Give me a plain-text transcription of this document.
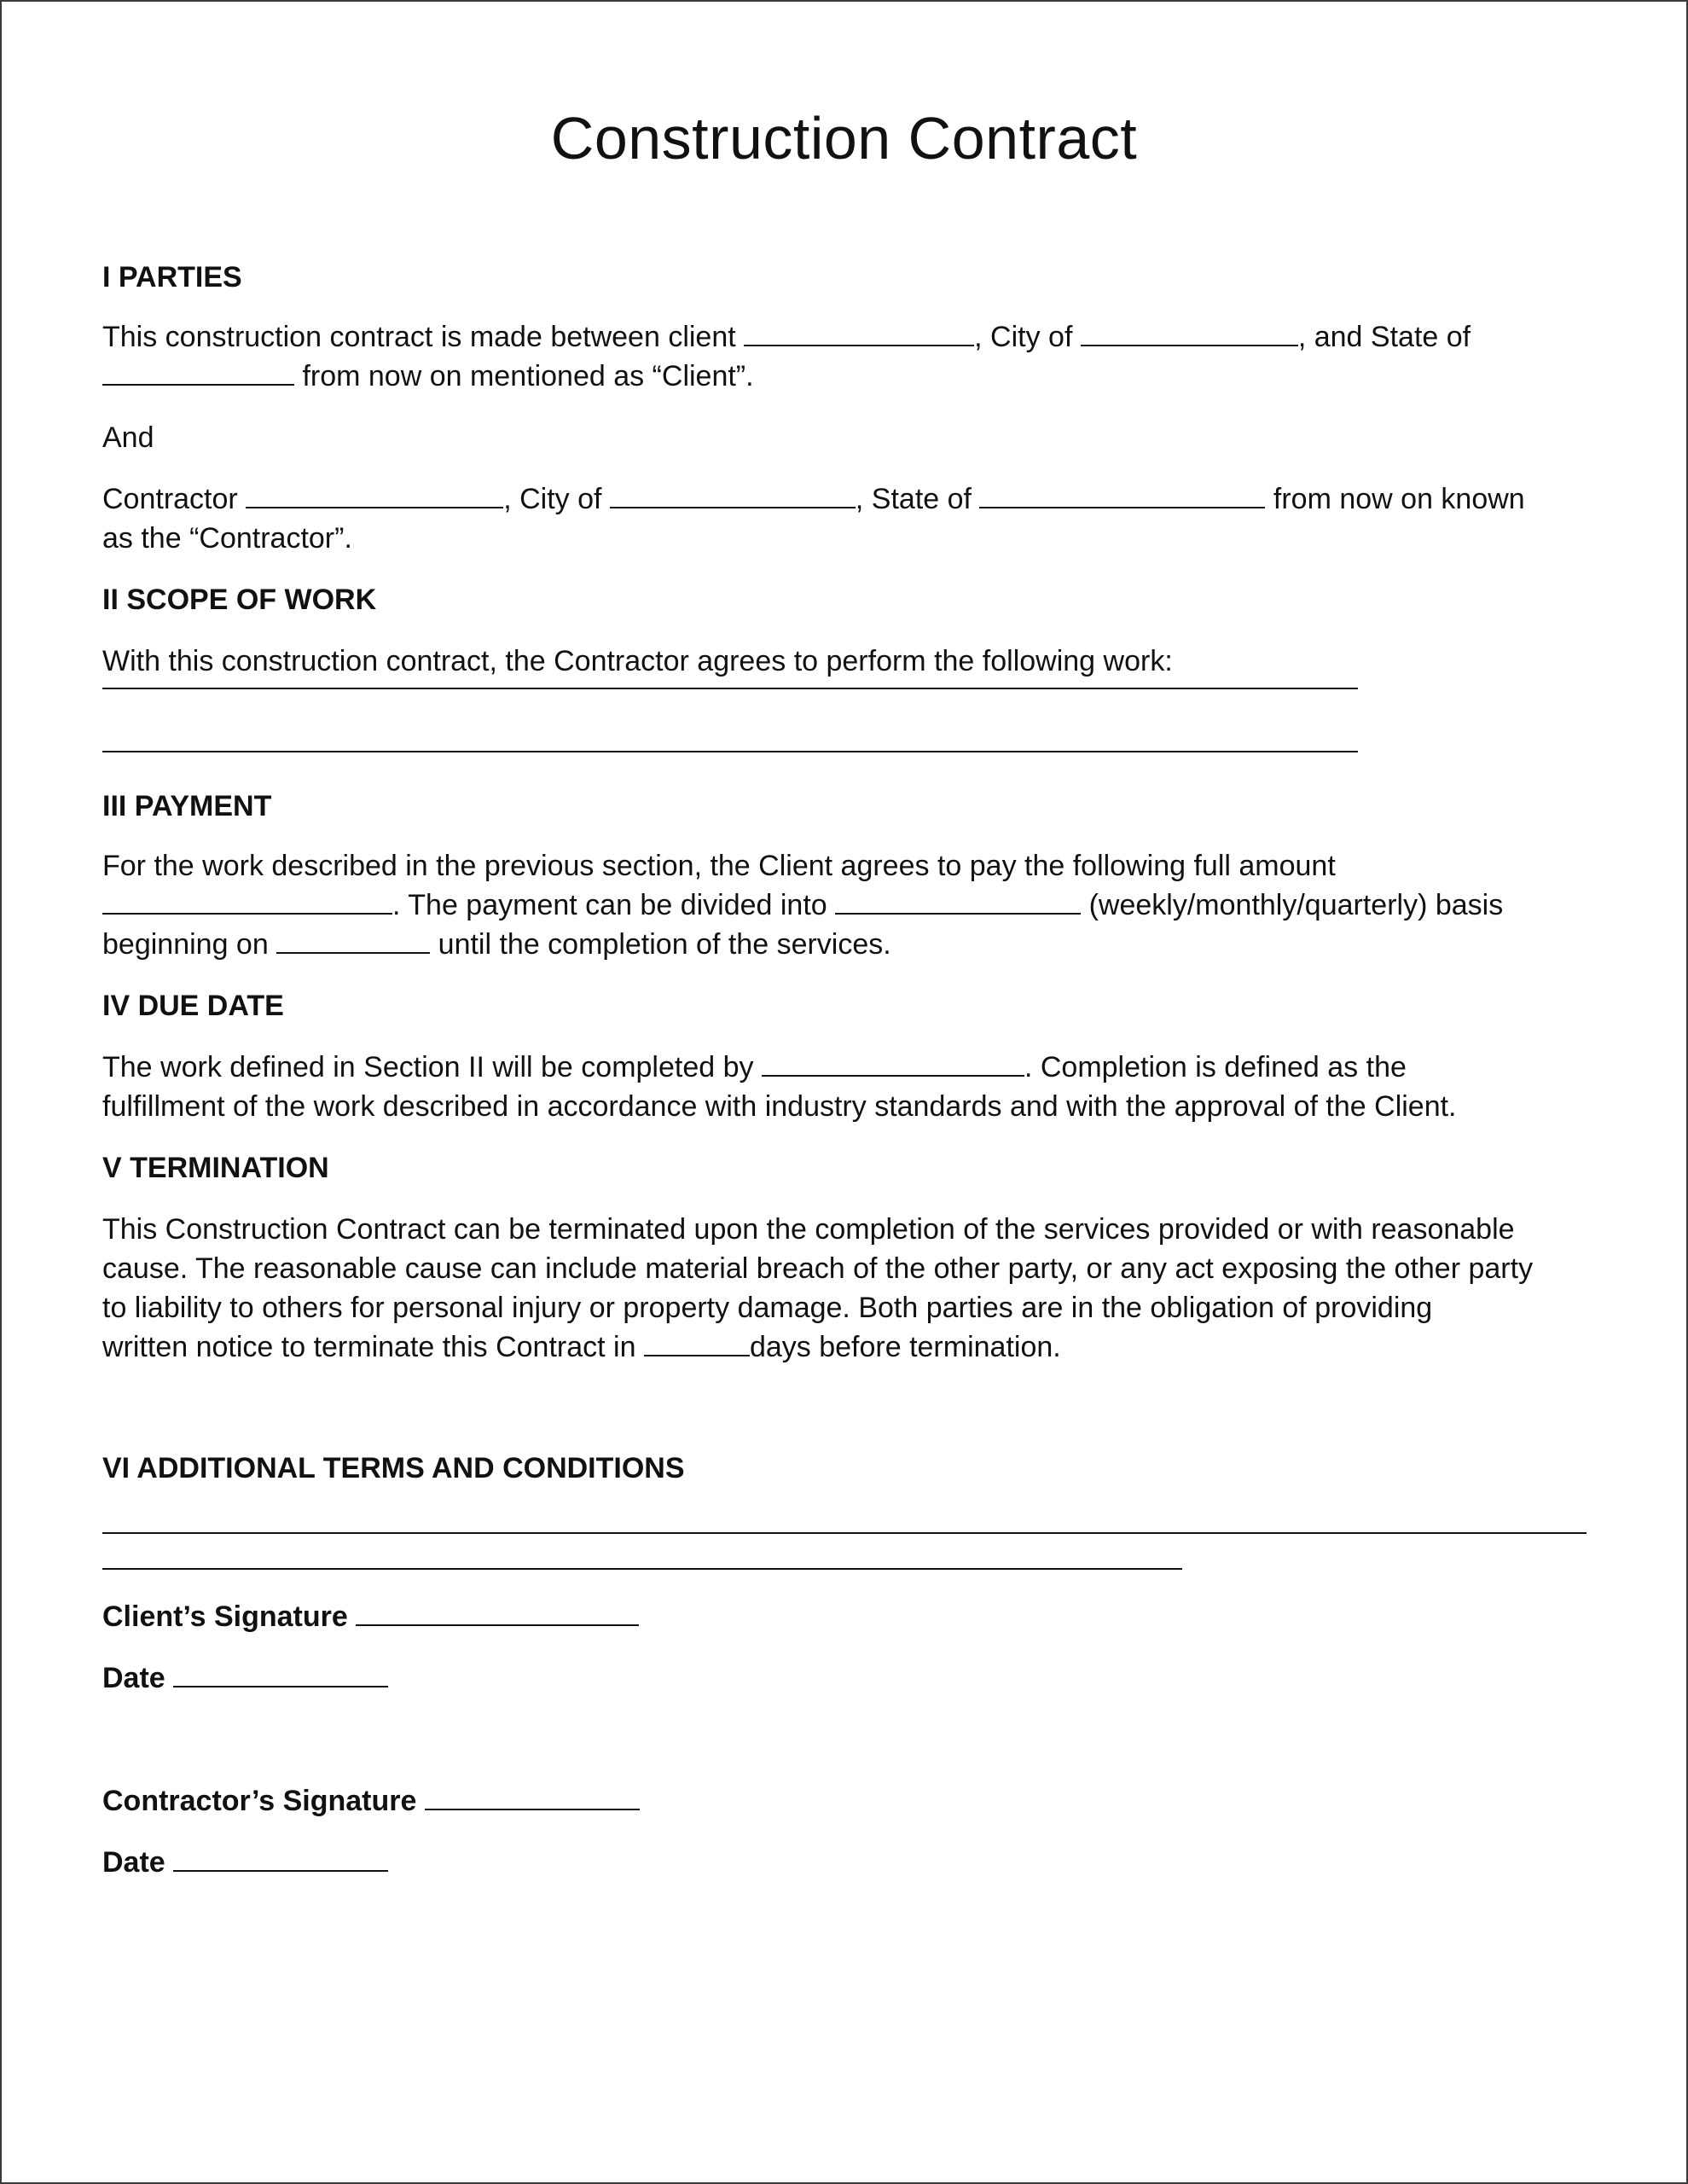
Construction Contract

I PARTIES

This construction contract is made between client	, City of	, and State of

from now on mentioned as “Client”.

And

Contractor	, City of	, State of	from now on known

as the “Contractor”.

II SCOPE OF WORK

With this construction contract, the Contractor agrees to perform the following work:

III PAYMENT

For the work described in the previous section, the Client agrees to pay the following full amount

. The payment can be divided into	(weekly/monthly/quarterly) basis

beginning on	until the completion of the services.

IV DUE DATE

The work defined in Section II will be completed by	. Completion is defined as the

fulfillment of the work described in accordance with industry standards and with the approval of the Client.

V TERMINATION

This Construction Contract can be terminated upon the completion of the services provided or with reasonable

cause. The reasonable cause can include material breach of the other party, or any act exposing the other party

to liability to others for personal injury or property damage. Both parties are in the obligation of providing

written notice to terminate this Contract in	days before termination.

VI ADDITIONAL TERMS AND CONDITIONS

Client’s Signature

Date

Contractor’s Signature

Date
